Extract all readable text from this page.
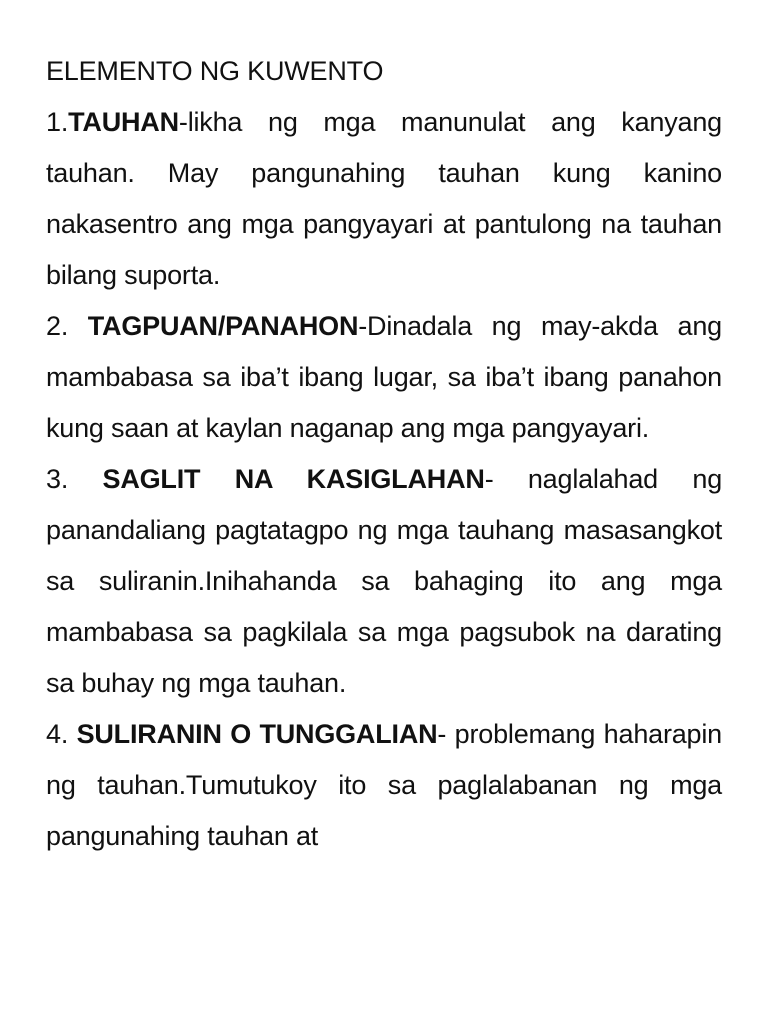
ELEMENTO NG KUWENTO

1.TAUHAN-likha ng mga manunulat ang kanyang tauhan. May pangunahing tauhan kung kanino nakasentro ang mga pangyayari at pantulong na tauhan bilang suporta.

2. TAGPUAN/PANAHON-Dinadala ng may-akda ang mambabasa sa iba’t ibang lugar, sa iba’t ibang panahon kung saan at kaylan naganap ang mga pangyayari.

3. SAGLIT NA KASIGLAHAN- naglalahad ng panandaliang pagtatagpo ng mga tauhang masasangkot sa suliranin.Inihahanda sa bahaging ito ang mga mambabasa sa pagkilala sa mga pagsubok na darating sa buhay ng mga tauhan.

4. SULIRANIN O TUNGGALIAN- problemang haharapin ng tauhan.Tumutukoy ito sa paglalabanan ng mga pangunahing tauhan at
